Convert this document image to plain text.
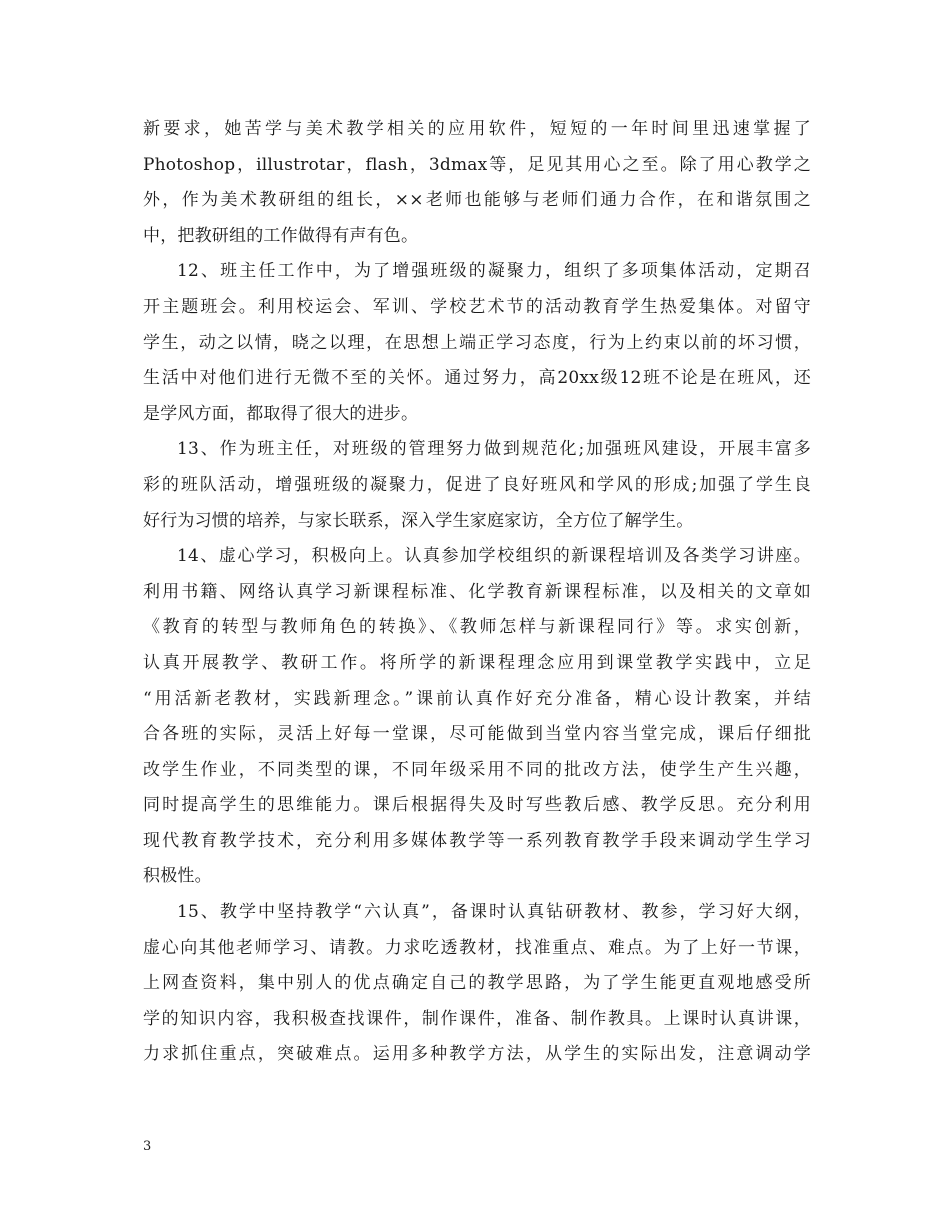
新要求，她苦学与美术教学相关的应用软件，短短的一年时间里迅速掌握了
Photoshop，illustrotar，flash，3dmax等，足见其用心之至。除了用心教学之
外，作为美术教研组的组长，××老师也能够与老师们通力合作，在和谐氛围之
中，把教研组的工作做得有声有色。
12、班主任工作中，为了增强班级的凝聚力，组织了多项集体活动，定期召
开主题班会。利用校运会、军训、学校艺术节的活动教育学生热爱集体。对留守
学生，动之以情，晓之以理，在思想上端正学习态度，行为上约束以前的坏习惯，
生活中对他们进行无微不至的关怀。通过努力，高20xx级12班不论是在班风，还
是学风方面，都取得了很大的进步。
13、作为班主任，对班级的管理努力做到规范化;加强班风建设，开展丰富多
彩的班队活动，增强班级的凝聚力，促进了良好班风和学风的形成;加强了学生良
好行为习惯的培养，与家长联系，深入学生家庭家访，全方位了解学生。
14、虚心学习，积极向上。认真参加学校组织的新课程培训及各类学习讲座。
利用书籍、网络认真学习新课程标准、化学教育新课程标准，以及相关的文章如
《教育的转型与教师角色的转换》、《教师怎样与新课程同行》等。求实创新，
认真开展教学、教研工作。将所学的新课程理念应用到课堂教学实践中，立足
“用活新老教材，实践新理念。”课前认真作好充分准备，精心设计教案，并结
合各班的实际，灵活上好每一堂课，尽可能做到当堂内容当堂完成，课后仔细批
改学生作业，不同类型的课，不同年级采用不同的批改方法，使学生产生兴趣，
同时提高学生的思维能力。课后根据得失及时写些教后感、教学反思。充分利用
现代教育教学技术，充分利用多媒体教学等一系列教育教学手段来调动学生学习
积极性。
15、教学中坚持教学“六认真”，备课时认真钻研教材、教参，学习好大纲，
虚心向其他老师学习、请教。力求吃透教材，找准重点、难点。为了上好一节课，
上网查资料，集中别人的优点确定自己的教学思路，为了学生能更直观地感受所
学的知识内容，我积极查找课件，制作课件，准备、制作教具。上课时认真讲课，
力求抓住重点，突破难点。运用多种教学方法，从学生的实际出发，注意调动学
3
